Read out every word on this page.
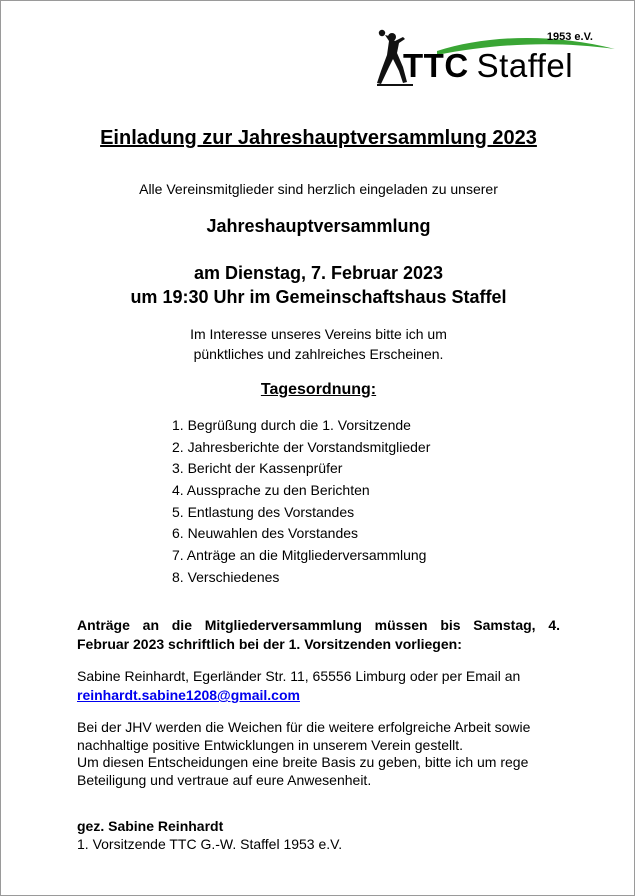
1953 e.V.
TTC Staffel
Einladung zur Jahreshauptversammlung 2023
Alle Vereinsmitglieder sind herzlich eingeladen zu unserer
Jahreshauptversammlung
am Dienstag, 7. Februar 2023
um 19:30 Uhr im Gemeinschaftshaus Staffel
Im Interesse unseres Vereins bitte ich um
pünktliches und zahlreiches Erscheinen.
Tagesordnung:
1. Begrüßung durch die 1. Vorsitzende
2. Jahresberichte der Vorstandsmitglieder
3. Bericht der Kassenprüfer
4. Aussprache zu den Berichten
5. Entlastung des Vorstandes
6. Neuwahlen des Vorstandes
7. Anträge an die Mitgliederversammlung
8. Verschiedenes
Anträge an die Mitgliederversammlung müssen bis Samstag, 4.
Februar 2023 schriftlich bei der 1. Vorsitzenden vorliegen:
Sabine Reinhardt, Egerländer Str. 11, 65556 Limburg oder per Email an
reinhardt.sabine1208@gmail.com
Bei der JHV werden die Weichen für die weitere erfolgreiche Arbeit sowie
nachhaltige positive Entwicklungen in unserem Verein gestellt.
Um diesen Entscheidungen eine breite Basis zu geben, bitte ich um rege
Beteiligung und vertraue auf eure Anwesenheit.
gez. Sabine Reinhardt
1. Vorsitzende TTC G.-W. Staffel 1953 e.V.
